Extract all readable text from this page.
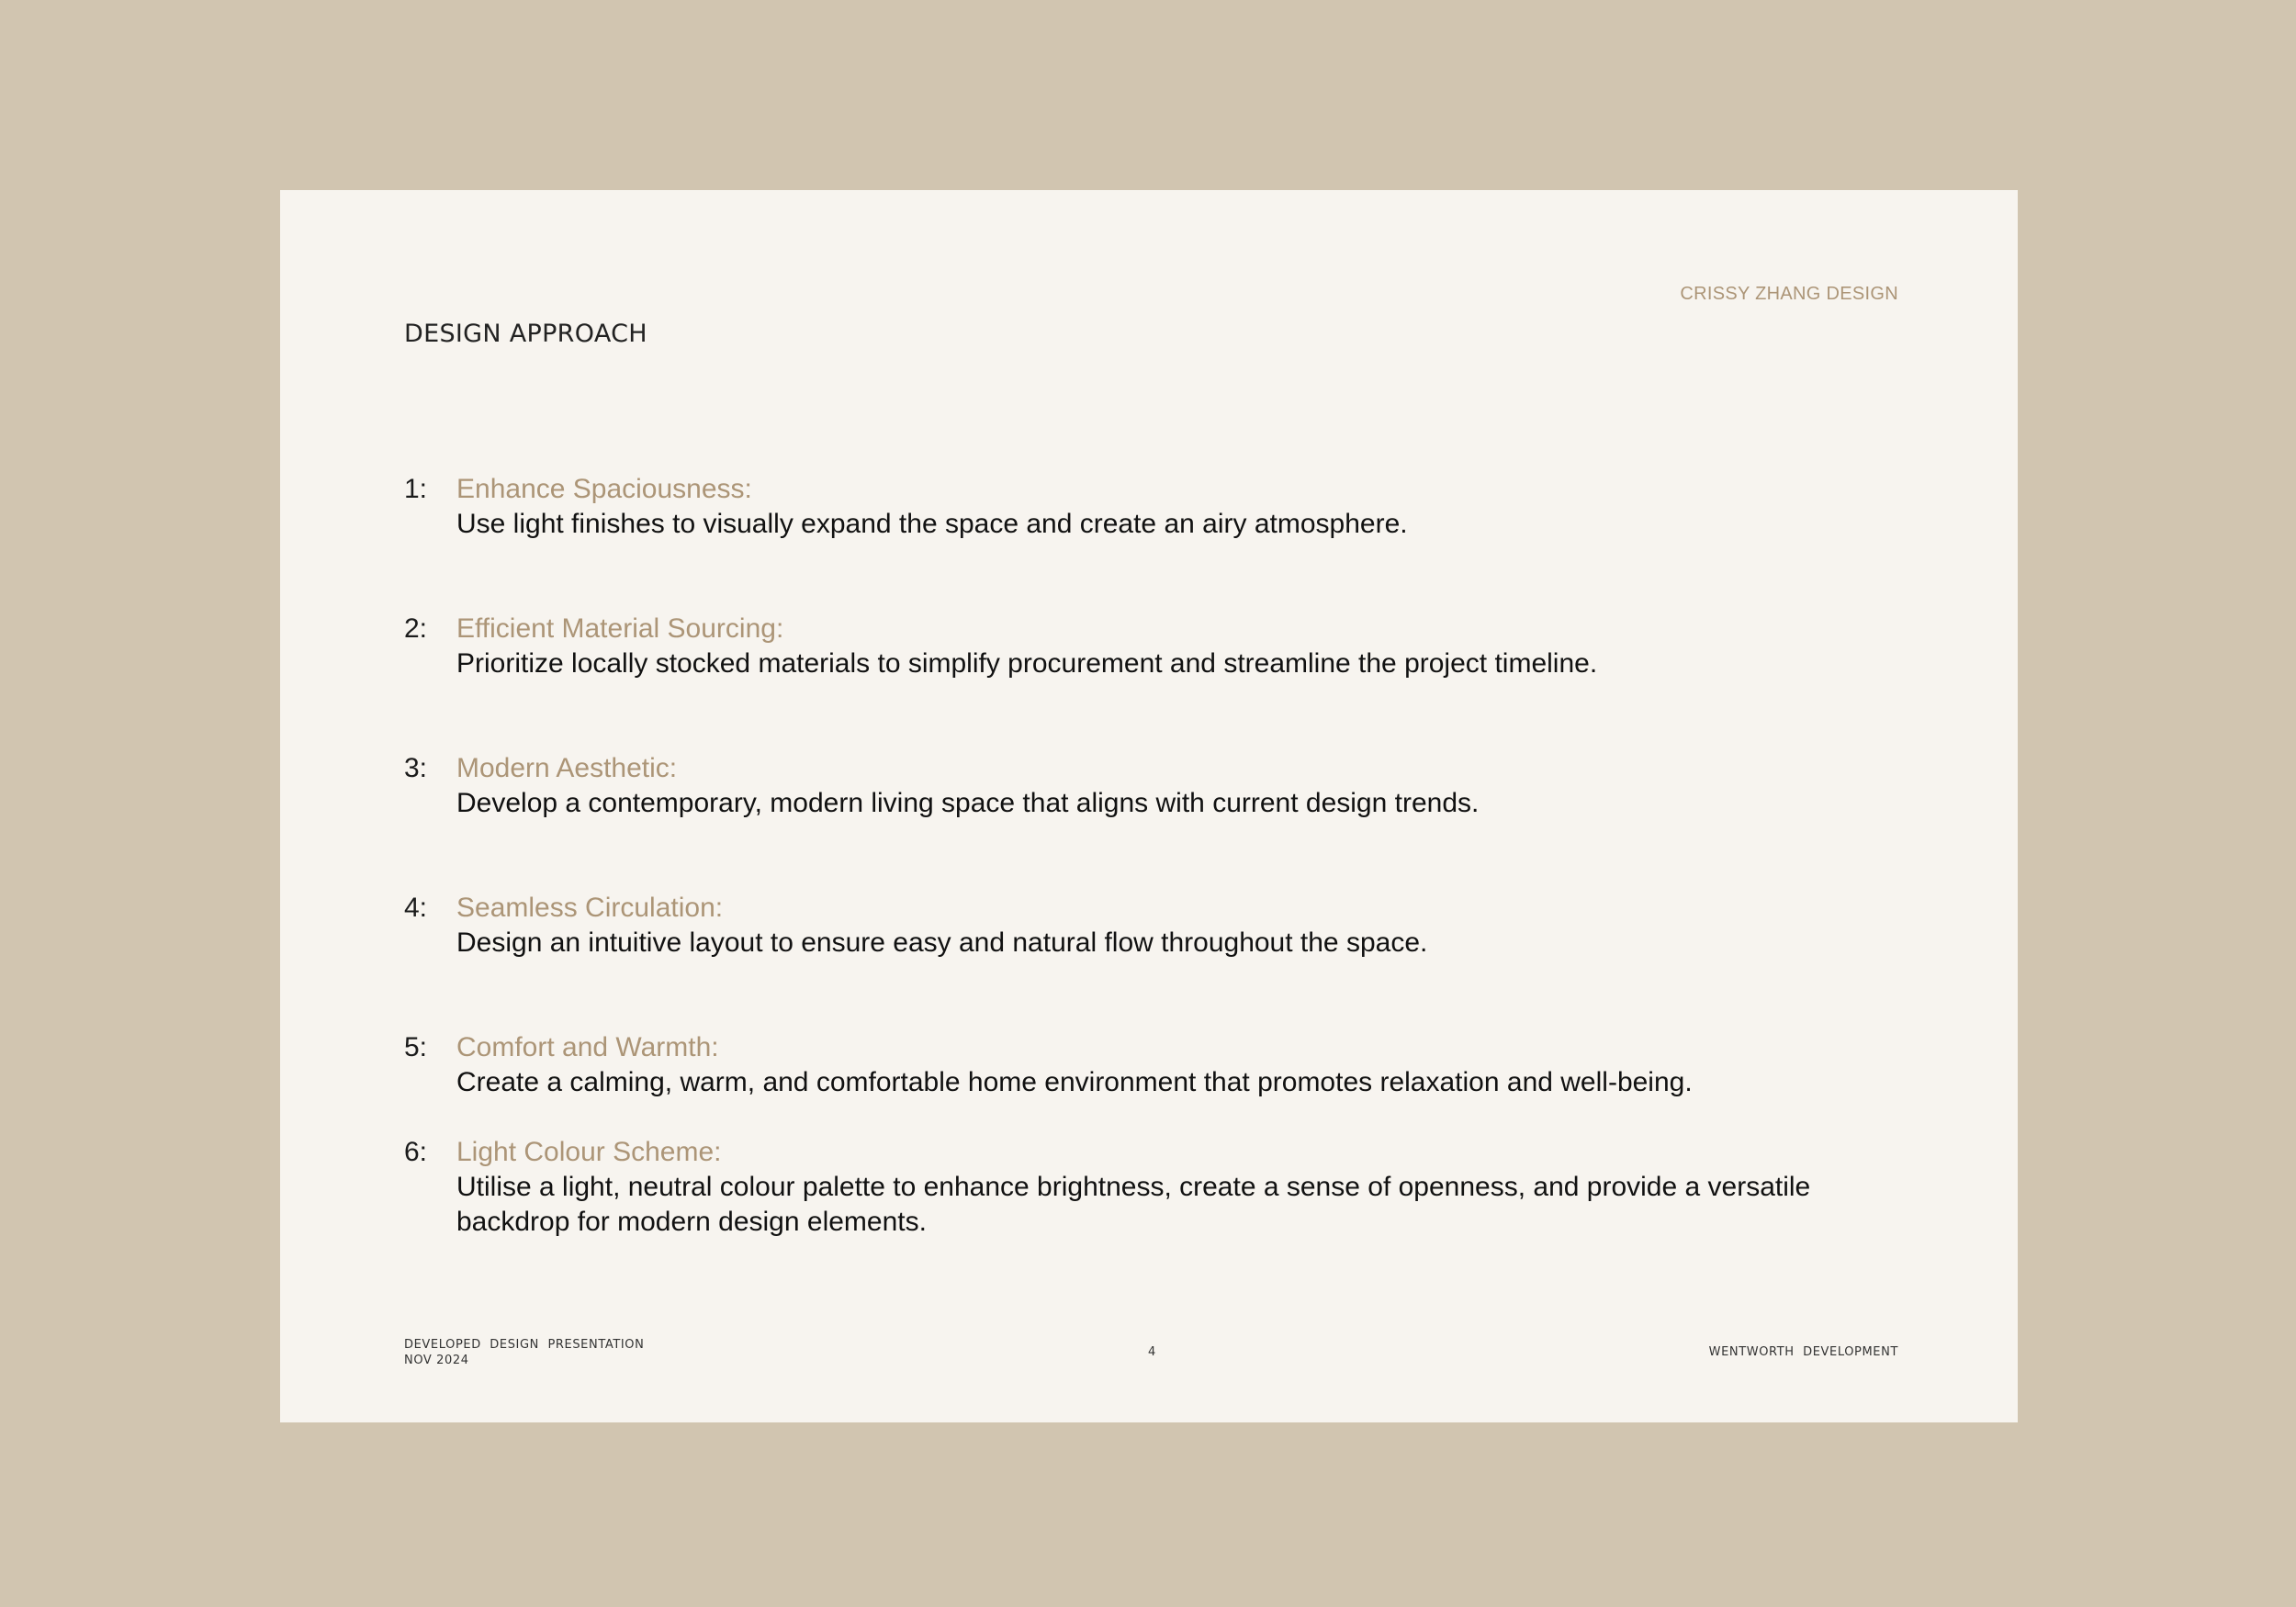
CRISSY ZHANG DESIGN
DESIGN APPROACH
1: Enhance Spaciousness:
Use light finishes to visually expand the space and create an airy atmosphere.
2: Efficient Material Sourcing:
Prioritize locally stocked materials to simplify procurement and streamline the project timeline.
3: Modern Aesthetic:
Develop a contemporary, modern living space that aligns with current design trends.
4: Seamless Circulation:
Design an intuitive layout to ensure easy and natural flow throughout the space.
5: Comfort and Warmth:
Create a calming, warm, and comfortable home environment that promotes relaxation and well-being.
6: Light Colour Scheme:
Utilise a light, neutral colour palette to enhance brightness, create a sense of openness, and provide a versatile backdrop for modern design elements.
DEVELOPED  DESIGN  PRESENTATION
NOV 2024
4	WENTWORTH  DEVELOPMENT
